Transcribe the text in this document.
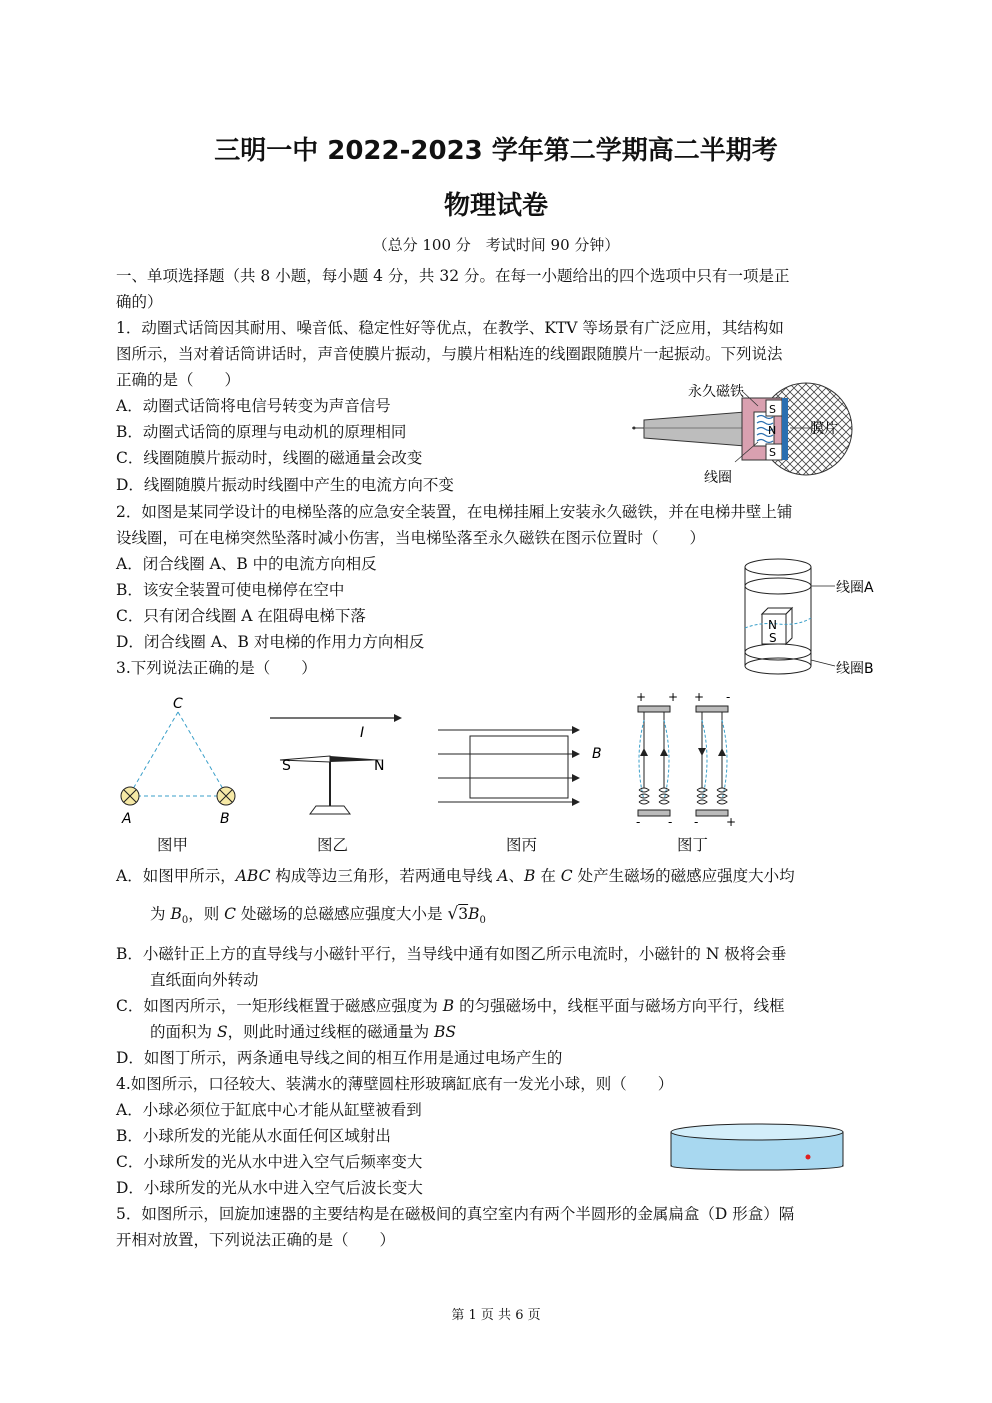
三明一中 2022-2023 学年第二学期高二半期考
物理试卷
（总分 100 分　考试时间 90 分钟）
一、单项选择题（共 8 小题，每小题 4 分，共 32 分。在每一小题给出的四个选项中只有一项是正
确的）
1．动圈式话筒因其耐用、噪音低、稳定性好等优点，在教学、KTV 等场景有广泛应用，其结构如
图所示，当对着话筒讲话时，声音使膜片振动，与膜片相粘连的线圈跟随膜片一起振动。下列说法
正确的是（　　）
A．动圈式话筒将电信号转变为声音信号
B．动圈式话筒的原理与电动机的原理相同
C．线圈随膜片振动时，线圈的磁通量会改变
D．线圈随膜片振动时线圈中产生的电流方向不变
S
S
N
永久磁铁
膜片
线圈
2．如图是某同学设计的电梯坠落的应急安全装置，在电梯挂厢上安装永久磁铁，并在电梯井壁上铺
设线圈，可在电梯突然坠落时减小伤害，当电梯坠落至永久磁铁在图示位置时（　　）
A．闭合线圈 A、B 中的电流方向相反
B．该安全装置可使电梯停在空中
C．只有闭合线圈 A 在阻碍电梯下落
D．闭合线圈 A、B 对电梯的作用力方向相反
N
S
线圈A
线圈B
3.下列说法正确的是（　　）
C
A	B
I
S	N
B
+ +
- -
+ -
- +
图甲	图乙	图丙	图丁
A．如图甲所示，ABC 构成等边三角形，若两通电导线 A、B 在 C 处产生磁场的磁感应强度大小均
为 $B_0$，则 C 处磁场的总磁感应强度大小是 $√3B_0$
B．小磁针正上方的直导线与小磁针平行，当导线中通有如图乙所示电流时，小磁针的 N 极将会垂
直纸面向外转动
C．如图丙所示，一矩形线框置于磁感应强度为 B 的匀强磁场中，线框平面与磁场方向平行，线框
的面积为 S，则此时通过线框的磁通量为 BS
D．如图丁所示，两条通电导线之间的相互作用是通过电场产生的
4.如图所示，口径较大、装满水的薄壁圆柱形玻璃缸底有一发光小球，则（　　）
A．小球必须位于缸底中心才能从缸壁被看到
B．小球所发的光能从水面任何区域射出
C．小球所发的光从水中进入空气后频率变大
D．小球所发的光从水中进入空气后波长变大
5．如图所示，回旋加速器的主要结构是在磁极间的真空室内有两个半圆形的金属扁盒（D 形盒）隔
开相对放置，下列说法正确的是（　　）
第 1 页 共 6 页
